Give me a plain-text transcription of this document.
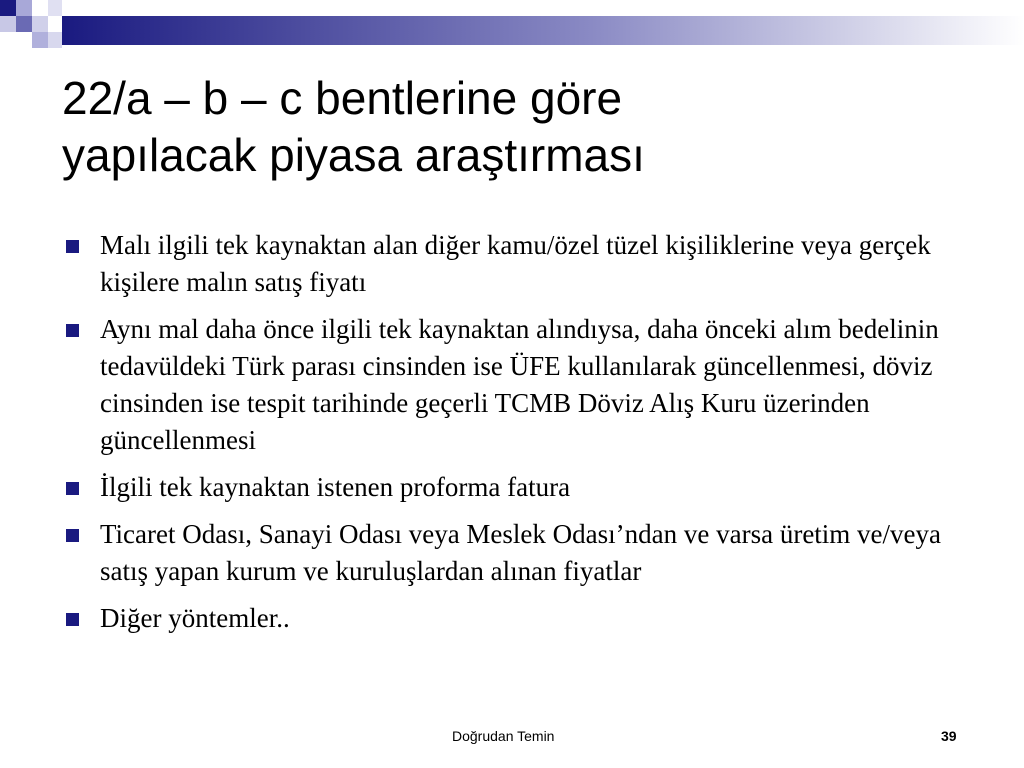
22/a – b – c bentlerine göre
yapılacak piyasa araştırması
Malı ilgili tek kaynaktan alan diğer kamu/özel tüzel kişiliklerine veya gerçek kişilere malın satış fiyatı
Aynı mal daha önce ilgili tek kaynaktan alındıysa, daha önceki alım bedelinin tedavüldeki Türk parası cinsinden ise ÜFE kullanılarak güncellenmesi, döviz cinsinden ise tespit tarihinde geçerli TCMB Döviz Alış Kuru üzerinden güncellenmesi
İlgili tek kaynaktan istenen proforma fatura
Ticaret Odası, Sanayi Odası veya Meslek Odası’ndan ve varsa üretim ve/veya satış yapan kurum ve kuruluşlardan alınan fiyatlar
Diğer yöntemler..
Doğrudan Temin	39
